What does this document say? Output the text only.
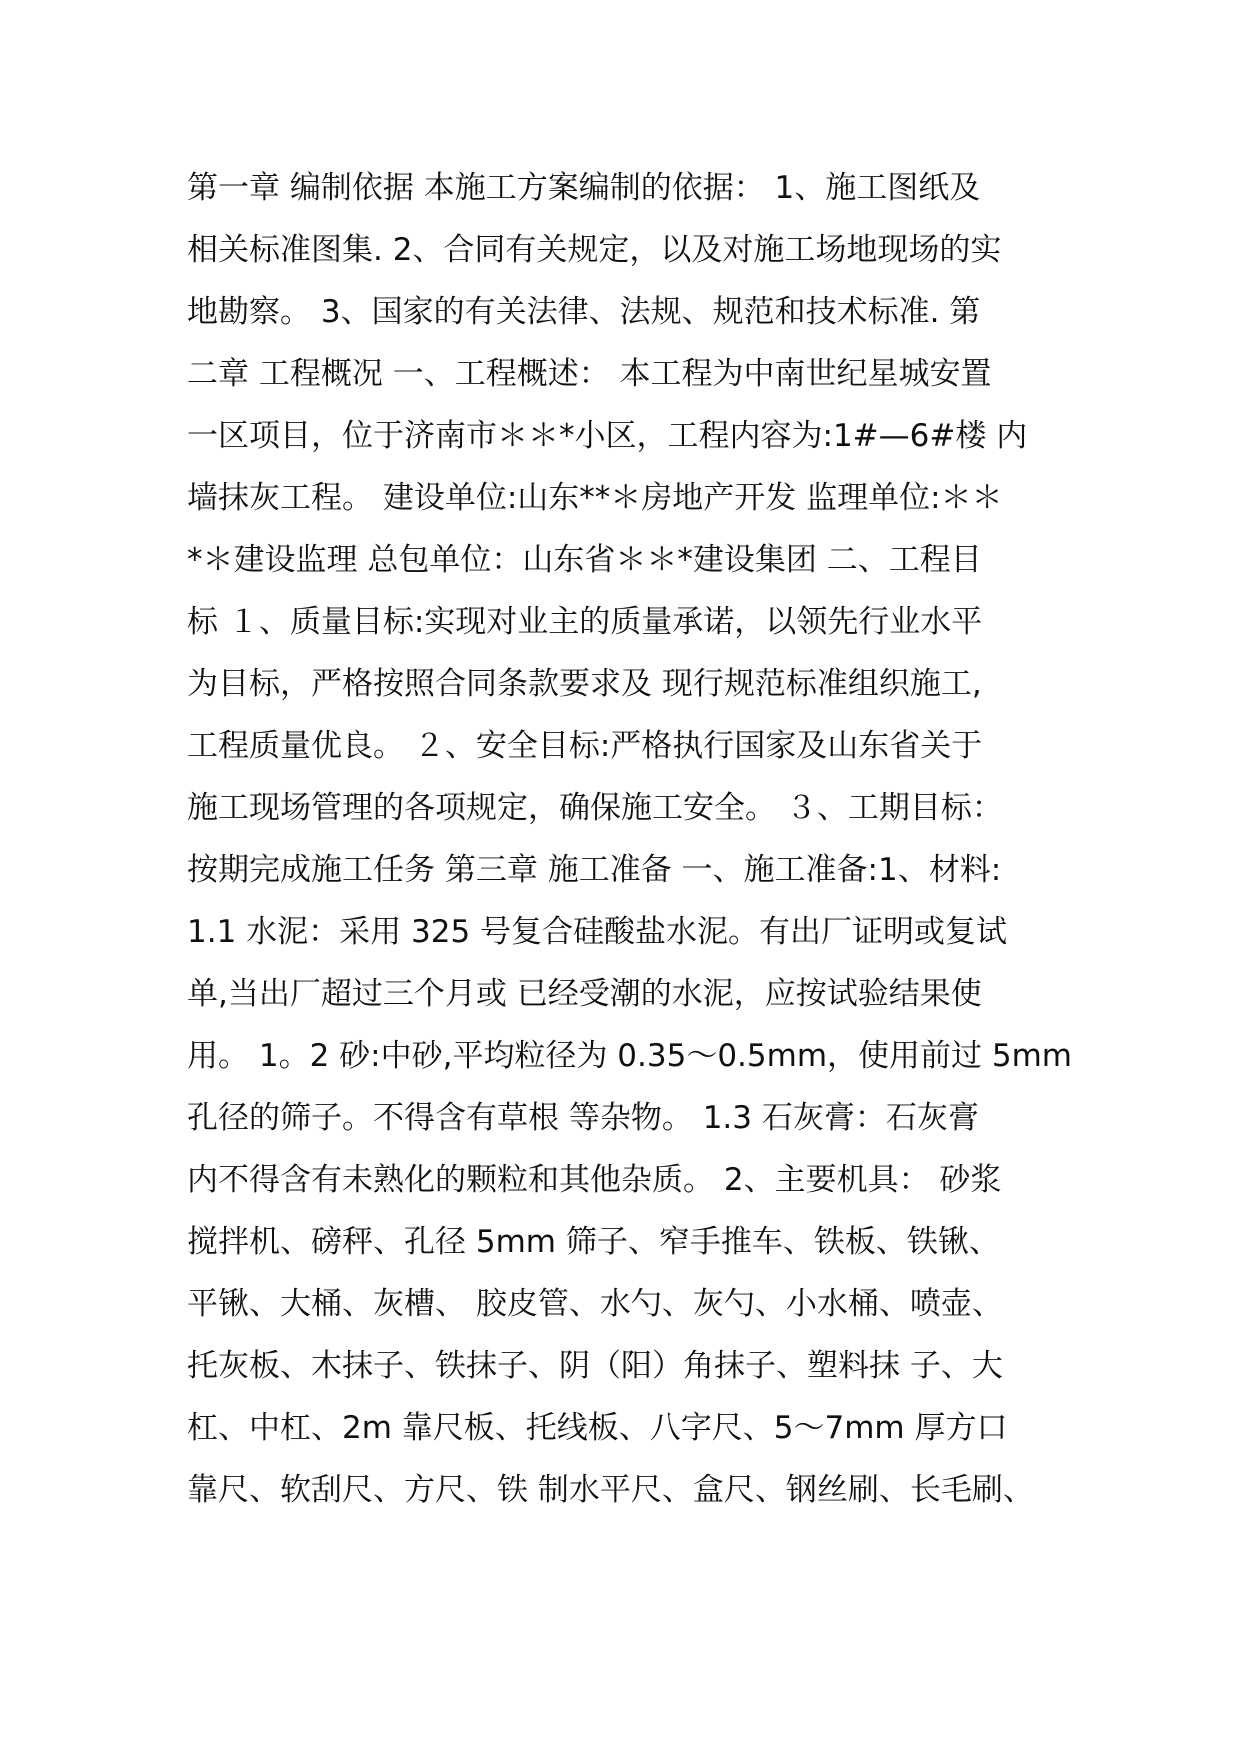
第一章 编制依据 本施工方案编制的依据： 1、施工图纸及
相关标准图集. 2、合同有关规定，以及对施工场地现场的实
地勘察。 3、国家的有关法律、法规、规范和技术标准. 第
二章 工程概况 一、工程概述： 本工程为中南世纪星城安置
一区项目，位于济南市＊＊*小区，工程内容为:1#—6#楼 内
墙抹灰工程。 建设单位:山东**＊房地产开发 监理单位:＊＊
*＊建设监理 总包单位：山东省＊＊*建设集团 二、工程目
标 １、质量目标:实现对业主的质量承诺，以领先行业水平
为目标，严格按照合同条款要求及 现行规范标准组织施工,
工程质量优良。 ２、安全目标:严格执行国家及山东省关于
施工现场管理的各项规定，确保施工安全。 ３、工期目标：
按期完成施工任务 第三章 施工准备 一、施工准备:1、材料:
1.1 水泥：采用 325 号复合硅酸盐水泥。有出厂证明或复试
单,当出厂超过三个月或 已经受潮的水泥，应按试验结果使
用。 1。2 砂:中砂,平均粒径为 0.35～0.5mm，使用前过 5mm
孔径的筛子。不得含有草根 等杂物。 1.3 石灰膏：石灰膏
内不得含有未熟化的颗粒和其他杂质。 2、主要机具： 砂浆
搅拌机、磅秤、孔径 5mm 筛子、窄手推车、铁板、铁锹、
平锹、大桶、灰槽、 胶皮管、水勺、灰勺、小水桶、喷壶、
托灰板、木抹子、铁抹子、阴（阳）角抹子、塑料抹 子、大
杠、中杠、2m 靠尺板、托线板、八字尺、5～7mm 厚方口
靠尺、软刮尺、方尺、铁 制水平尺、盒尺、钢丝刷、长毛刷、
